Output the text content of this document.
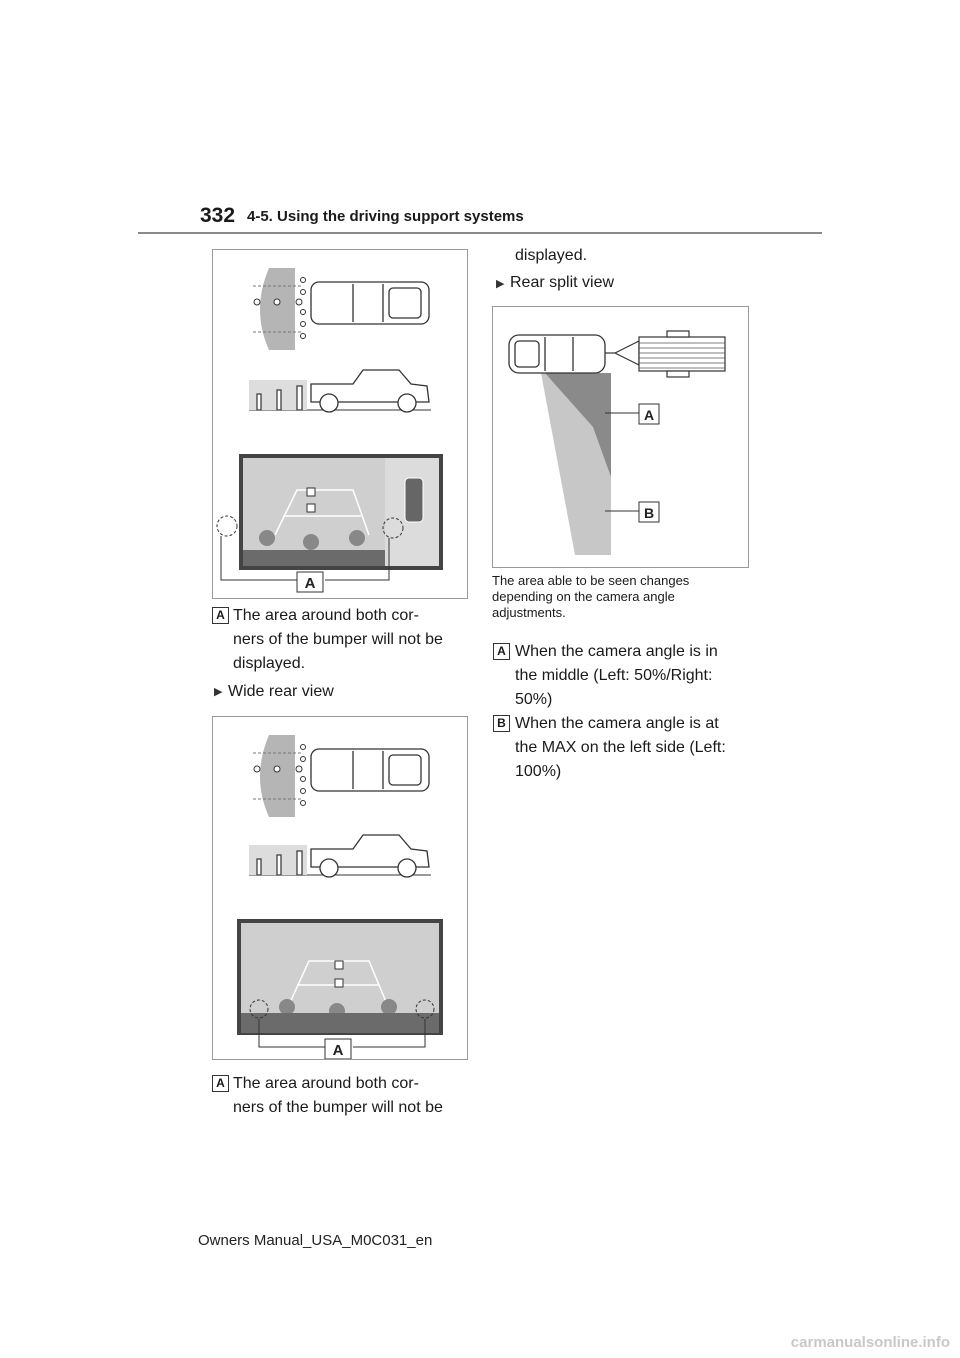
332 4-5. Using the driving support systems
A
A The area around both cor-
ners of the bumper will not be
displayed.
▶ Wide rear view
A
A The area around both cor-
ners of the bumper will not be
displayed.
▶ Rear split view
A
B
The area able to be seen changes
depending on the camera angle
adjustments.
A When the camera angle is in
the middle (Left: 50%/Right:
50%)
B When the camera angle is at
the MAX on the left side (Left:
100%)
Owners Manual_USA_M0C031_en
carmanualsonline.info
